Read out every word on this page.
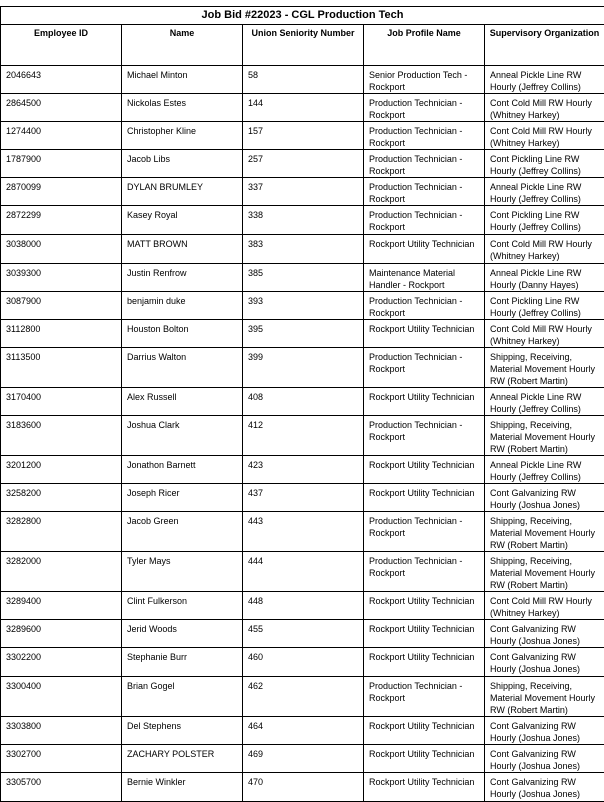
Job Bid #22023 - CGL Production Tech				
Employee ID	Name	Union Seniority Number	Job Profile Name	Supervisory Organization
2046643	Michael Minton	58	Senior Production Tech - Rockport	Anneal Pickle Line RW Hourly (Jeffrey Collins)
2864500	Nickolas Estes	144	Production Technician - Rockport	Cont Cold Mill RW Hourly (Whitney Harkey)
1274400	Christopher Kline	157	Production Technician - Rockport	Cont Cold Mill RW Hourly (Whitney Harkey)
1787900	Jacob Libs	257	Production Technician - Rockport	Cont Pickling Line RW Hourly (Jeffrey Collins)
2870099	DYLAN BRUMLEY	337	Production Technician - Rockport	Anneal Pickle Line RW Hourly (Jeffrey Collins)
2872299	Kasey Royal	338	Production Technician - Rockport	Cont Pickling Line RW Hourly (Jeffrey Collins)
3038000	MATT BROWN	383	Rockport Utility Technician	Cont Cold Mill RW Hourly (Whitney Harkey)
3039300	Justin Renfrow	385	Maintenance Material Handler - Rockport	Anneal Pickle Line RW Hourly (Danny Hayes)
3087900	benjamin duke	393	Production Technician - Rockport	Cont Pickling Line RW Hourly (Jeffrey Collins)
3112800	Houston Bolton	395	Rockport Utility Technician	Cont Cold Mill RW Hourly (Whitney Harkey)
3113500	Darrius Walton	399	Production Technician - Rockport	Shipping, Receiving, Material Movement Hourly RW (Robert Martin)
3170400	Alex Russell	408	Rockport Utility Technician	Anneal Pickle Line RW Hourly (Jeffrey Collins)
3183600	Joshua Clark	412	Production Technician - Rockport	Shipping, Receiving, Material Movement Hourly RW (Robert Martin)
3201200	Jonathon Barnett	423	Rockport Utility Technician	Anneal Pickle Line RW Hourly (Jeffrey Collins)
3258200	Joseph Ricer	437	Rockport Utility Technician	Cont Galvanizing RW Hourly (Joshua Jones)
3282800	Jacob Green	443	Production Technician - Rockport	Shipping, Receiving, Material Movement Hourly RW (Robert Martin)
3282000	Tyler Mays	444	Production Technician - Rockport	Shipping, Receiving, Material Movement Hourly RW (Robert Martin)
3289400	Clint Fulkerson	448	Rockport Utility Technician	Cont Cold Mill RW Hourly (Whitney Harkey)
3289600	Jerid Woods	455	Rockport Utility Technician	Cont Galvanizing RW Hourly (Joshua Jones)
3302200	Stephanie Burr	460	Rockport Utility Technician	Cont Galvanizing RW Hourly (Joshua Jones)
3300400	Brian Gogel	462	Production Technician - Rockport	Shipping, Receiving, Material Movement Hourly RW (Robert Martin)
3303800	Del Stephens	464	Rockport Utility Technician	Cont Galvanizing RW Hourly (Joshua Jones)
3302700	ZACHARY POLSTER	469	Rockport Utility Technician	Cont Galvanizing RW Hourly (Joshua Jones)
3305700	Bernie Winkler	470	Rockport Utility Technician	Cont Galvanizing RW Hourly (Joshua Jones)
